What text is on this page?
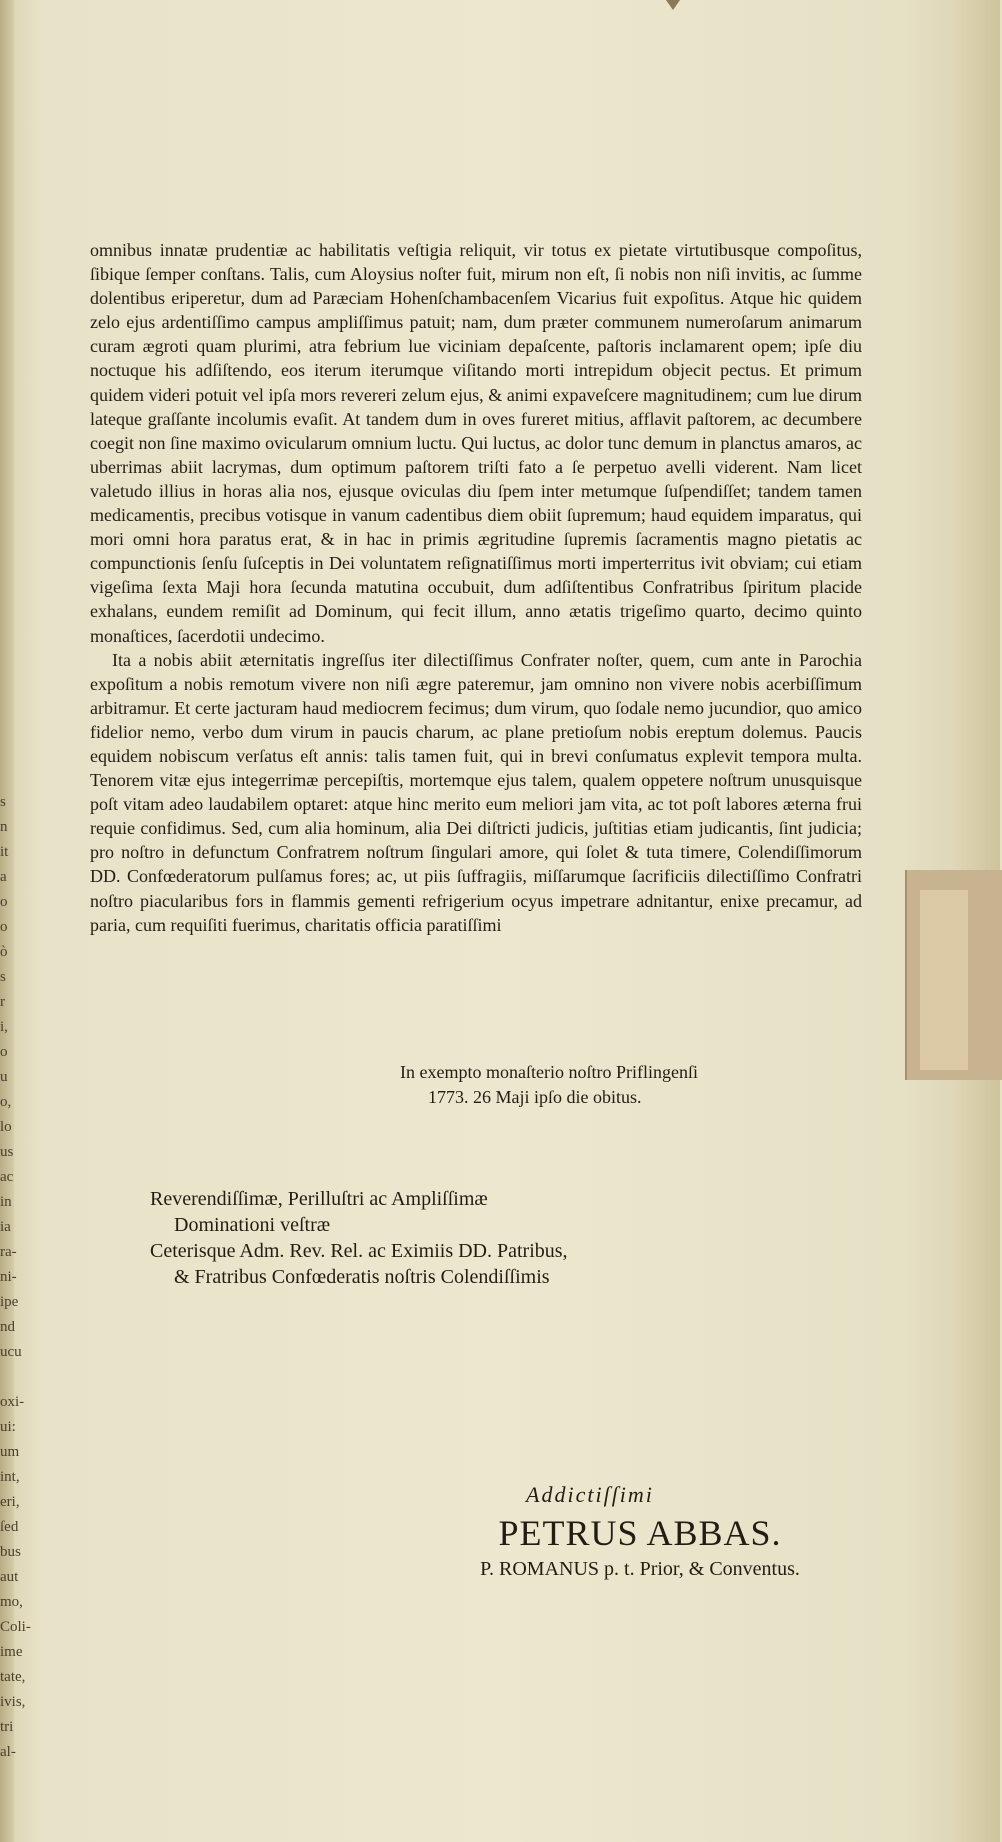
s
n
it
a
o
o
ò
s
r
i,
o
u
o,
lo
us
ac
in
ia
ra-
ni-
ipe
nd
ucu

oxi-
ui:
um
int,
eri,
ſed
bus
aut
mo,
Coli-
ime
tate,
ivis,
tri
al-

omnibus innatæ prudentiæ ac habilitatis veſtigia reliquit, vir totus ex pietate virtutibusque compoſitus, ſibique ſemper conſtans. Talis, cum Aloysius noſter fuit, mirum non eſt, ſi nobis non niſi invitis, ac ſumme dolentibus eriperetur, dum ad Paræciam Hohenſchambacenſem Vicarius fuit expoſitus. Atque hic quidem zelo ejus ardentiſſimo campus ampliſſimus patuit; nam, dum præter communem numeroſarum animarum curam ægroti quam plurimi, atra febrium lue viciniam depaſcente, paſtoris inclamarent opem; ipſe diu noctuque his adſiſtendo, eos iterum iterumque viſitando morti intrepidum objecit pectus. Et primum quidem videri potuit vel ipſa mors revereri zelum ejus, & animi expaveſcere magnitudinem; cum lue dirum lateque graſſante incolumis evaſit. At tandem dum in oves fureret mitius, afflavit paſtorem, ac decumbere coegit non ſine maximo ovicularum omnium luctu. Qui luctus, ac dolor tunc demum in planctus amaros, ac uberrimas abiit lacrymas, dum optimum paſtorem triſti fato a ſe perpetuo avelli viderent. Nam licet valetudo illius in horas alia nos, ejusque oviculas diu ſpem inter metumque ſuſpendiſſet; tandem tamen medicamentis, precibus votisque in vanum cadentibus diem obiit ſupremum; haud equidem imparatus, qui mori omni hora paratus erat, & in hac in primis ægritudine ſupremis ſacramentis magno pietatis ac compunctionis ſenſu ſuſceptis in Dei voluntatem reſignatiſſimus morti imperterritus ivit obviam; cui etiam vigeſima ſexta Maji hora ſecunda matutina occubuit, dum adſiſtentibus Confratribus ſpiritum placide exhalans, eundem remiſit ad Dominum, qui fecit illum, anno ætatis trigeſimo quarto, decimo quinto monaſtices, ſacerdotii undecimo.

Ita a nobis abiit æternitatis ingreſſus iter dilectiſſimus Confrater noſter, quem, cum ante in Parochia expoſitum a nobis remotum vivere non niſi ægre pateremur, jam omnino non vivere nobis acerbiſſimum arbitramur. Et certe jacturam haud mediocrem fecimus; dum virum, quo ſodale nemo jucundior, quo amico fidelior nemo, verbo dum virum in paucis charum, ac plane pretioſum nobis ereptum dolemus. Paucis equidem nobiscum verſatus eſt annis: talis tamen fuit, qui in brevi conſumatus explevit tempora multa. Tenorem vitæ ejus integerrimæ percepiſtis, mortemque ejus talem, qualem oppetere noſtrum unusquisque poſt vitam adeo laudabilem optaret: atque hinc merito eum meliori jam vita, ac tot poſt labores æterna frui requie confidimus. Sed, cum alia hominum, alia Dei diſtricti judicis, juſtitias etiam judicantis, ſint judicia; pro noſtro in defunctum Confratrem noſtrum ſingulari amore, qui ſolet & tuta timere, Colendiſſimorum DD. Confœderatorum pulſamus fores; ac, ut piis ſuffragiis, miſſarumque ſacrificiis dilectiſſimo Confratri noſtro piacularibus fors in flammis gementi refrigerium ocyus impetrare adnitantur, enixe precamur, ad paria, cum requiſiti fuerimus, charitatis officia paratiſſimi

In exempto monaſterio noſtro Priflingenſi
1773. 26 Maji ipſo die obitus.
Reverendiſſimæ, Perilluſtri ac Ampliſſimæ
Dominationi veſtræ
Ceterisque Adm. Rev. Rel. ac Eximiis DD. Patribus,
& Fratribus Confœderatis noſtris Colendiſſimis
Addictiſſimi
PETRUS ABBAS.
P. ROMANUS p. t. Prior, & Conventus.
